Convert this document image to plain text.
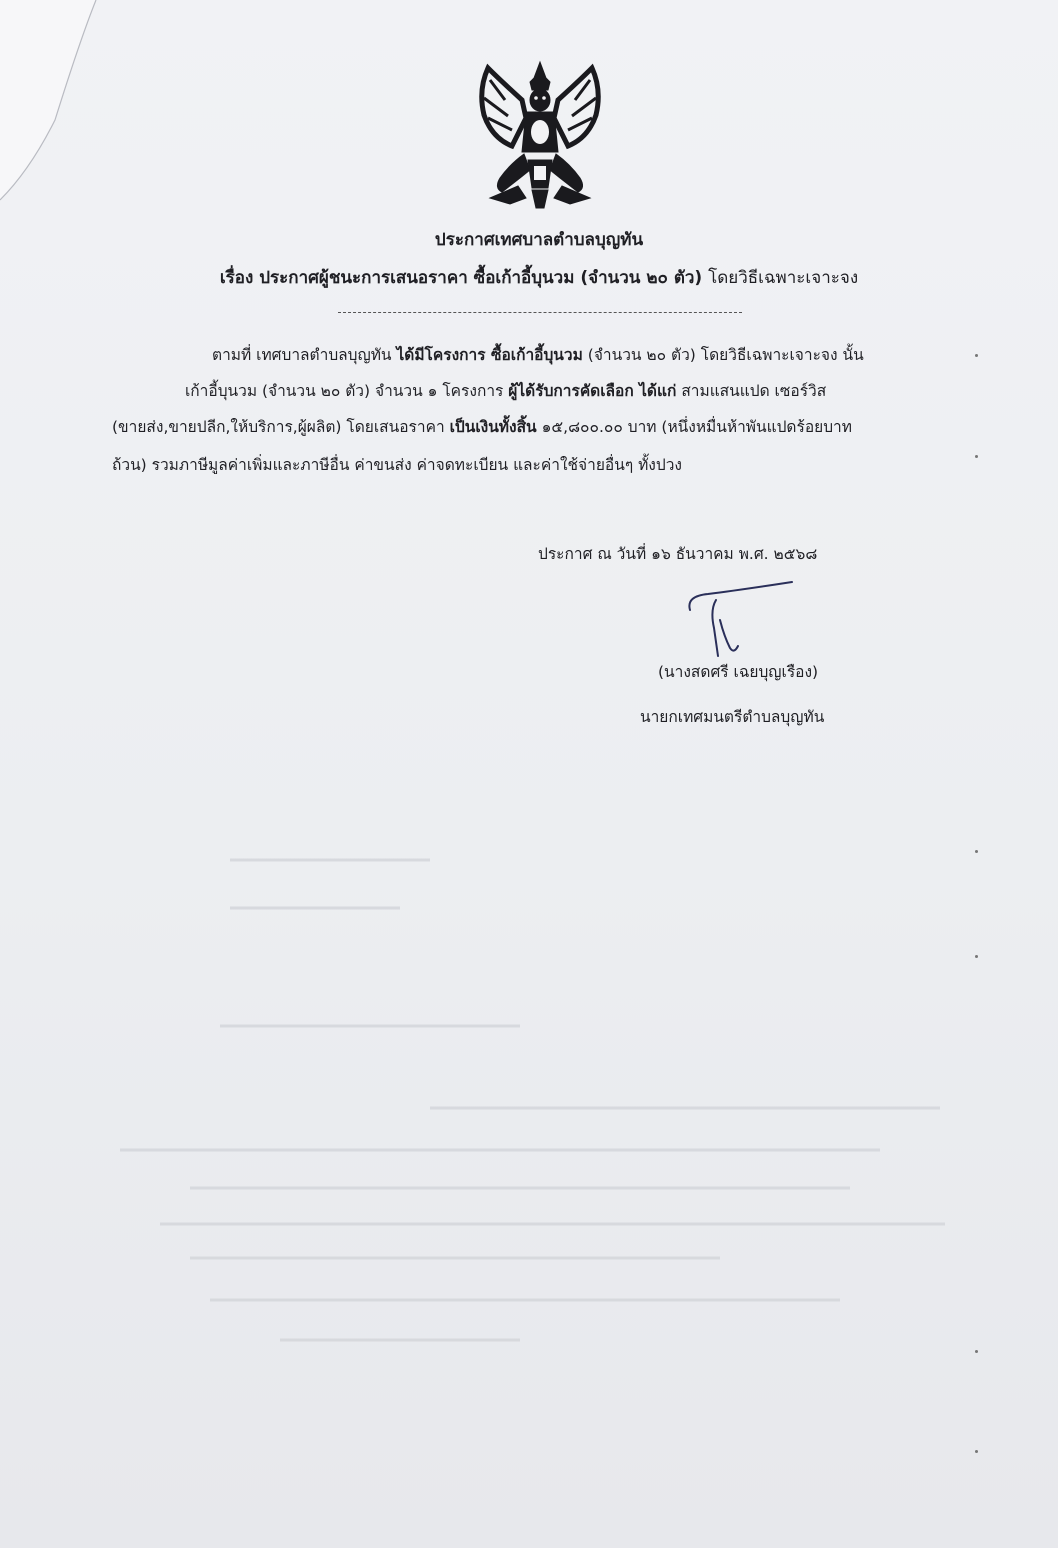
ประกาศเทศบาลตำบลบุญทัน
เรื่อง ประกาศผู้ชนะการเสนอราคา ซื้อเก้าอี้บุนวม (จำนวน ๒๐ ตัว) โดยวิธีเฉพาะเจาะจง
ตามที่ เทศบาลตำบลบุญทัน ได้มีโครงการ ซื้อเก้าอี้บุนวม (จำนวน ๒๐ ตัว) โดยวิธีเฉพาะเจาะจง นั้น
เก้าอี้บุนวม (จำนวน ๒๐ ตัว) จำนวน ๑ โครงการ ผู้ได้รับการคัดเลือก ได้แก่ สามแสนแปด เซอร์วิส
(ขายส่ง,ขายปลีก,ให้บริการ,ผู้ผลิต) โดยเสนอราคา เป็นเงินทั้งสิ้น ๑๕,๘๐๐.๐๐ บาท (หนึ่งหมื่นห้าพันแปดร้อยบาท
ถ้วน) รวมภาษีมูลค่าเพิ่มและภาษีอื่น ค่าขนส่ง ค่าจดทะเบียน และค่าใช้จ่ายอื่นๆ ทั้งปวง
ประกาศ ณ วันที่ ๑๖ ธันวาคม พ.ศ. ๒๕๖๘
(นางสดศรี เฉยบุญเรือง)
นายกเทศมนตรีตำบลบุญทัน
